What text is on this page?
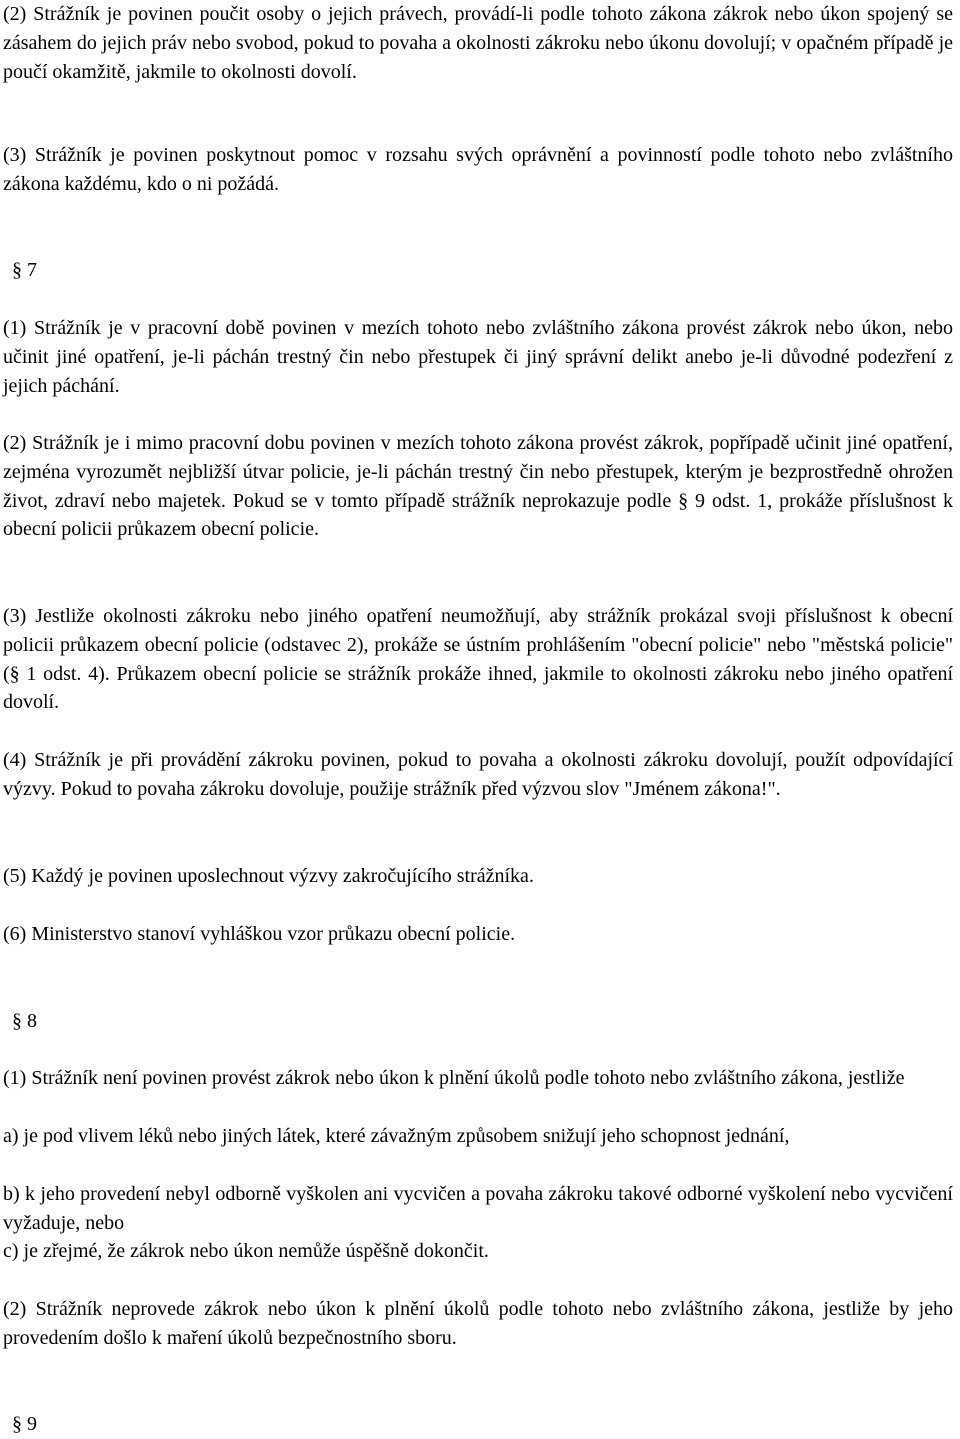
(2) Strážník je povinen poučit osoby o jejich právech, provádí-li podle tohoto zákona zákrok nebo úkon spojený se zásahem do jejich práv nebo svobod, pokud to povaha a okolnosti zákroku nebo úkonu dovolují; v opačném případě je poučí okamžitě, jakmile to okolnosti dovolí.

(3) Strážník je povinen poskytnout pomoc v rozsahu svých oprávnění a povinností podle tohoto nebo zvláštního zákona každému, kdo o ni požádá.

§ 7

(1) Strážník je v pracovní době povinen v mezích tohoto nebo zvláštního zákona provést zákrok nebo úkon, nebo učinit jiné opatření, je-li páchán trestný čin nebo přestupek či jiný správní delikt anebo je-li důvodné podezření z jejich páchání.

(2) Strážník je i mimo pracovní dobu povinen v mezích tohoto zákona provést zákrok, popřípadě učinit jiné opatření, zejména vyrozumět nejbližší útvar policie, je-li páchán trestný čin nebo přestupek, kterým je bezprostředně ohrožen život, zdraví nebo majetek. Pokud se v tomto případě strážník neprokazuje podle § 9 odst. 1, prokáže příslušnost k obecní policii průkazem obecní policie.

(3) Jestliže okolnosti zákroku nebo jiného opatření neumožňují, aby strážník prokázal svoji příslušnost k obecní policii průkazem obecní policie (odstavec 2), prokáže se ústním prohlášením "obecní policie" nebo "městská policie" (§ 1 odst. 4). Průkazem obecní policie se strážník prokáže ihned, jakmile to okolnosti zákroku nebo jiného opatření dovolí.

(4) Strážník je při provádění zákroku povinen, pokud to povaha a okolnosti zákroku dovolují, použít odpovídající výzvy. Pokud to povaha zákroku dovoluje, použije strážník před výzvou slov "Jménem zákona!".

(5) Každý je povinen uposlechnout výzvy zakročujícího strážníka.

(6) Ministerstvo stanoví vyhláškou vzor průkazu obecní policie.

§ 8

(1) Strážník není povinen provést zákrok nebo úkon k plnění úkolů podle tohoto nebo zvláštního zákona, jestliže

a) je pod vlivem léků nebo jiných látek, které závažným způsobem snižují jeho schopnost jednání,

b) k jeho provedení nebyl odborně vyškolen ani vycvičen a povaha zákroku takové odborné vyškolení nebo vycvičení vyžaduje, nebo

c) je zřejmé, že zákrok nebo úkon nemůže úspěšně dokončit.

(2) Strážník neprovede zákrok nebo úkon k plnění úkolů podle tohoto nebo zvláštního zákona, jestliže by jeho provedením došlo k maření úkolů bezpečnostního sboru.

§ 9
